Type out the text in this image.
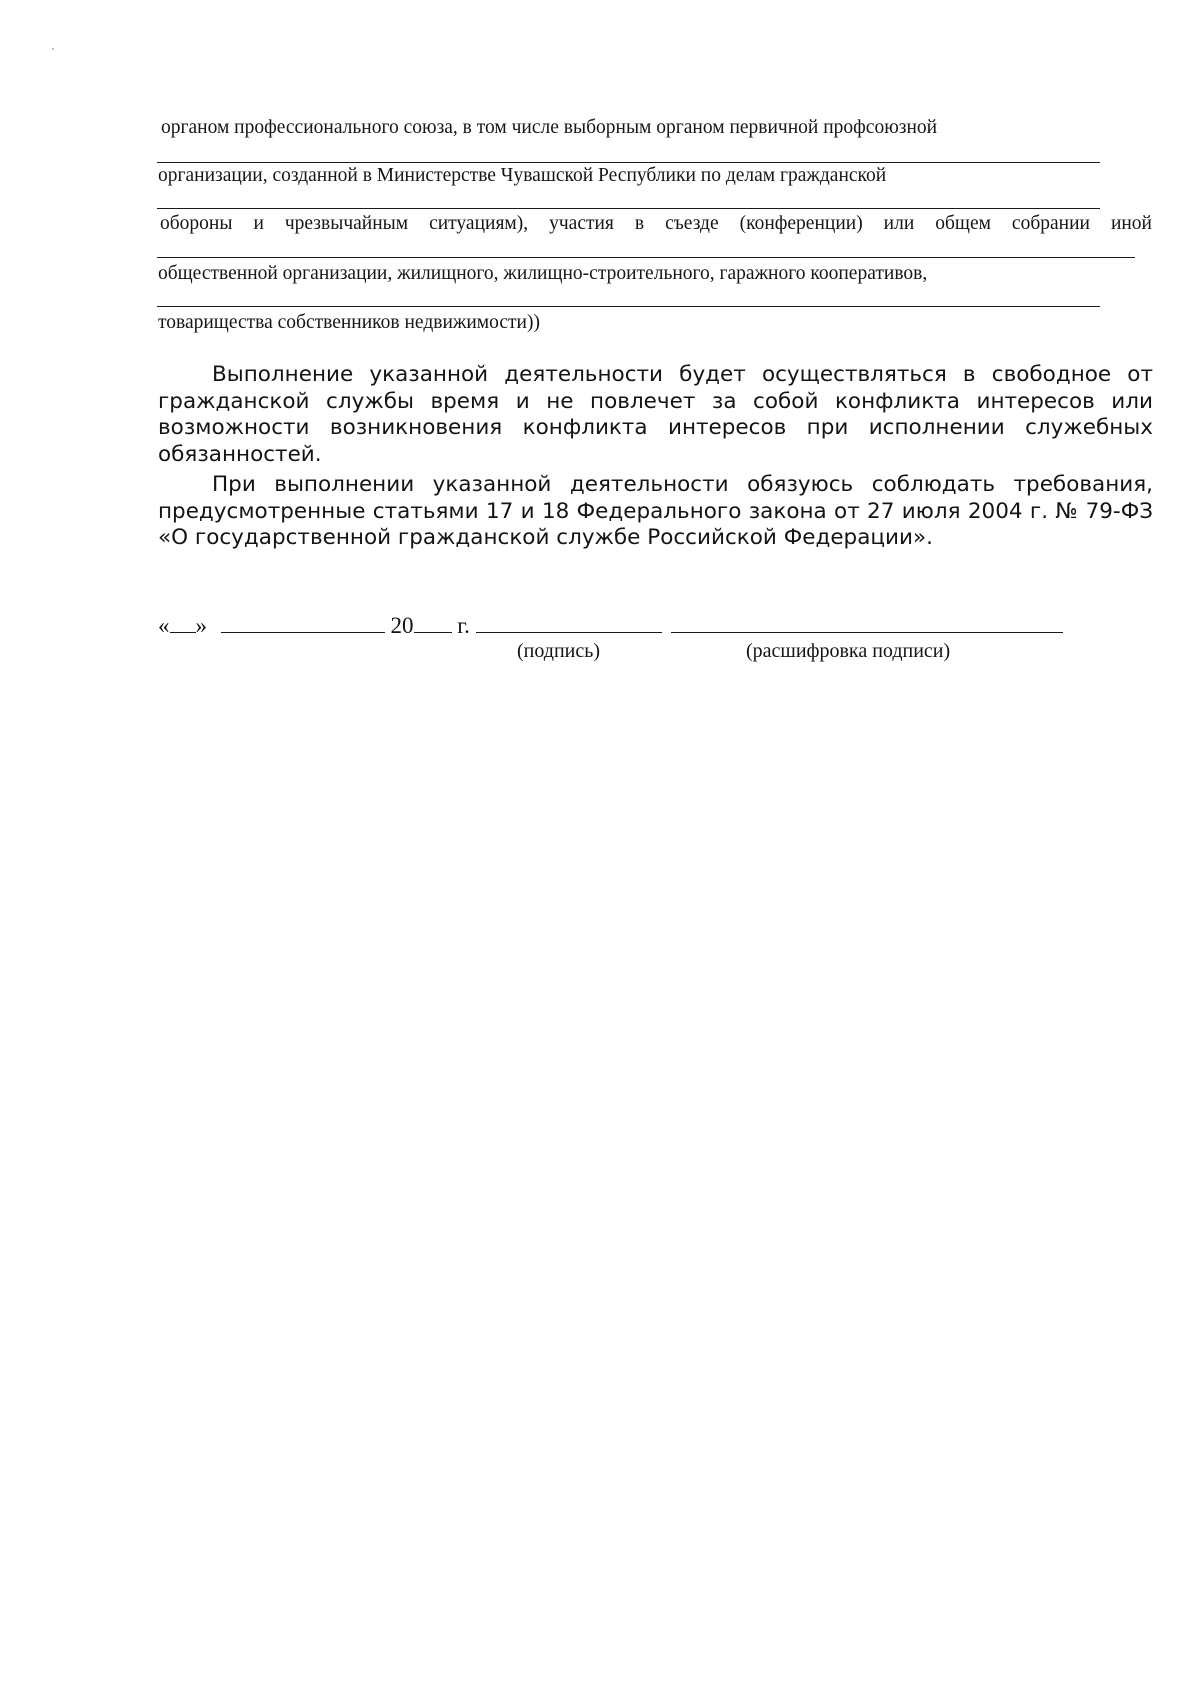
органом профессионального союза, в том числе выборным органом первичной профсоюзной
организации, созданной в Министерстве Чувашской Республики по делам гражданской
обороны и чрезвычайным ситуациям), участия в съезде (конференции) или общем собрании иной
общественной организации, жилищного, жилищно-строительного, гаражного кооперативов,
товарищества собственников недвижимости))
Выполнение указанной деятельности будет осуществляться в свободное от гражданской службы время и не повлечет за собой конфликта интересов или возможности возникновения конфликта интересов при исполнении служебных обязанностей.
При выполнении указанной деятельности обязуюсь соблюдать требования, предусмотренные статьями 17 и 18 Федерального закона от 27 июля 2004 г. № 79-ФЗ «О государственной гражданской службе Российской Федерации».
« »	20 г.
(подпись)	(расшифровка подписи)
